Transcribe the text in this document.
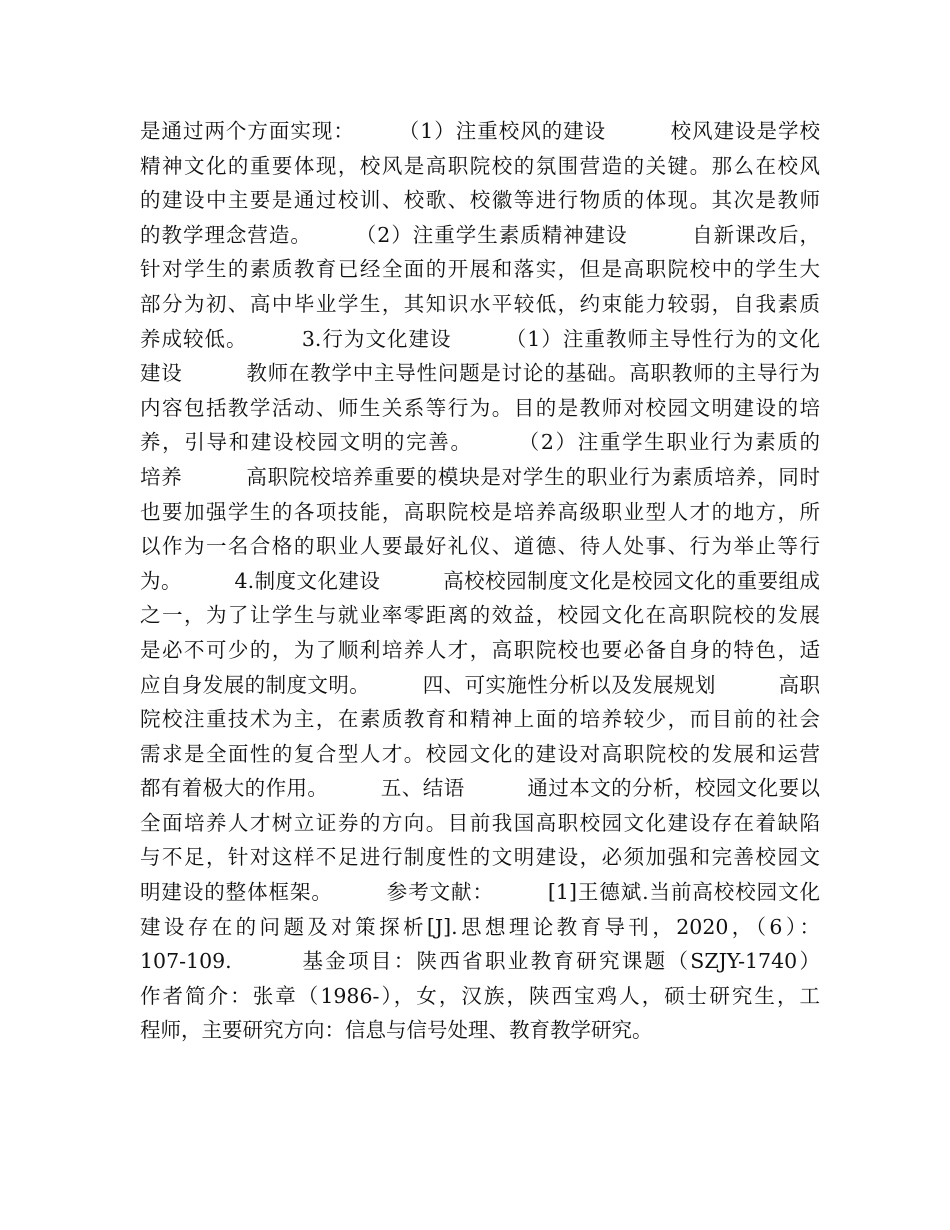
是通过两个方面实现：　　　（1）注重校风的建设　　　校风建设是学校
精神文化的重要体现，校风是高职院校的氛围营造的关键。那么在校风
的建设中主要是通过校训、校歌、校徽等进行物质的体现。其次是教师
的教学理念营造。　　　（2）注重学生素质精神建设　　　自新课改后，
针对学生的素质教育已经全面的开展和落实，但是高职院校中的学生大
部分为初、高中毕业学生，其知识水平较低，约束能力较弱，自我素质
养成较低。　　　3.行为文化建设　　　（1）注重教师主导性行为的文化
建设　　　教师在教学中主导性问题是讨论的基础。高职教师的主导行为
内容包括教学活动、师生关系等行为。目的是教师对校园文明建设的培
养，引导和建设校园文明的完善。　　　（2）注重学生职业行为素质的
培养　　　高职院校培养重要的模块是对学生的职业行为素质培养，同时
也要加强学生的各项技能，高职院校是培养高级职业型人才的地方，所
以作为一名合格的职业人要最好礼仪、道德、待人处事、行为举止等行
为。　　　4.制度文化建设　　　高校校园制度文化是校园文化的重要组成
之一，为了让学生与就业率零距离的效益，校园文化在高职院校的发展
是必不可少的，为了顺利培养人才，高职院校也要必备自身的特色，适
应自身发展的制度文明。　　　四、可实施性分析以及发展规划　　　高职
院校注重技术为主，在素质教育和精神上面的培养较少，而目前的社会
需求是全面性的复合型人才。校园文化的建设对高职院校的发展和运营
都有着极大的作用。　　　五、结语　　　通过本文的分析，校园文化要以
全面培养人才树立证券的方向。目前我国高职校园文化建设存在着缺陷
与不足，针对这样不足进行制度性的文明建设，必须加强和完善校园文
明建设的整体框架。　　　参考文献：　　　[1]王德斌.当前高校校园文化
建设存在的问题及对策探析[J].思想理论教育导刊，2020，（6）：
107-109.　　　基金项目：陕西省职业教育研究课题（SZJY-1740）
作者简介：张章（1986-），女，汉族，陕西宝鸡人，硕士研究生，工
程师，主要研究方向：信息与信号处理、教育教学研究。
